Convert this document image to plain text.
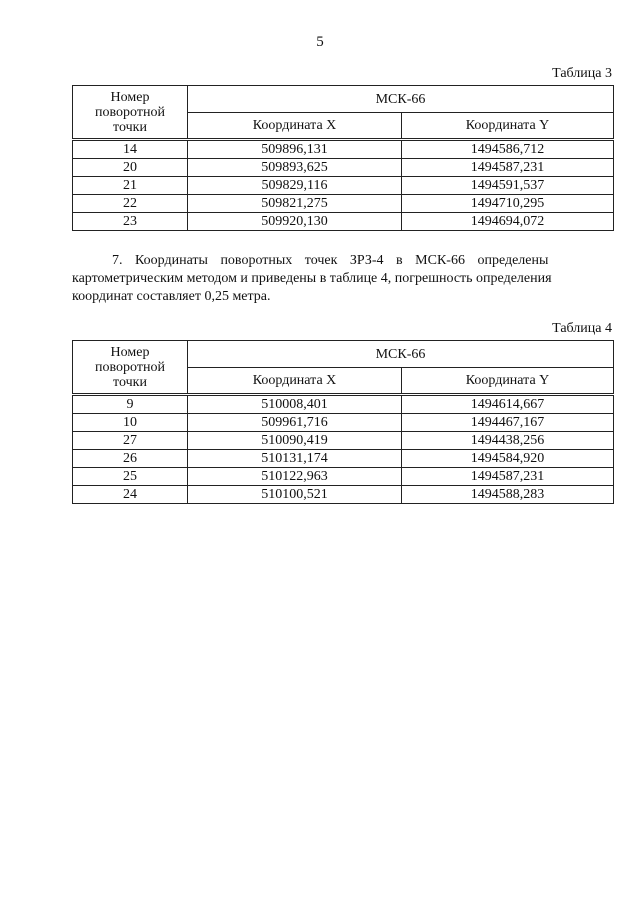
5
Таблица 3
Номер
поворотной
точки	МСК-66	
	Координата X	Координата Y
14	509896,131	1494586,712
20	509893,625	1494587,231
21	509829,116	1494591,537
22	509821,275	1494710,295
23	509920,130	1494694,072
7. Координаты поворотных точек ЗРЗ-4 в МСК-66 определены
картометрическим методом и приведены в таблице 4, погрешность определения
координат составляет 0,25 метра.
Таблица 4
Номер
поворотной
точки	МСК-66	
	Координата X	Координата Y
9	510008,401	1494614,667
10	509961,716	1494467,167
27	510090,419	1494438,256
26	510131,174	1494584,920
25	510122,963	1494587,231
24	510100,521	1494588,283
